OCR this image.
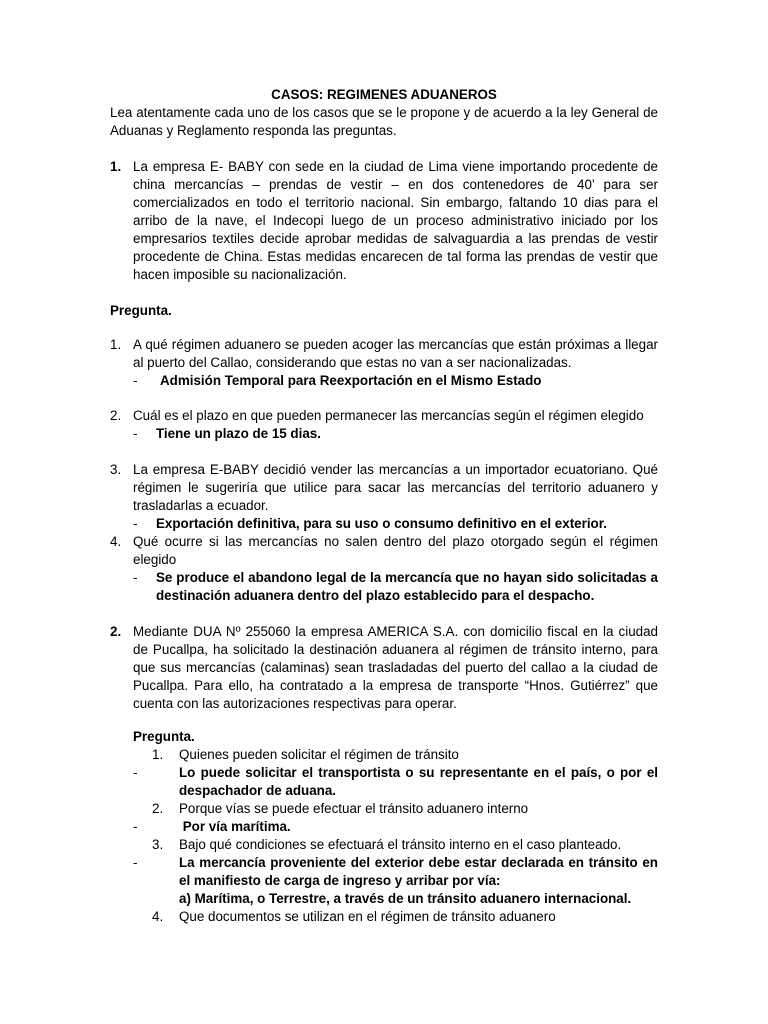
CASOS: REGIMENES ADUANEROS
Lea atentamente cada uno de los casos que se le propone y de acuerdo a la ley General de Aduanas y Reglamento responda las preguntas.
1. La empresa E- BABY con sede en la ciudad de Lima viene importando procedente de china mercancías – prendas de vestir – en dos contenedores de 40’ para ser comercializados en todo el territorio nacional. Sin embargo, faltando 10 dias para el arribo de la nave, el Indecopi luego de un proceso administrativo iniciado por los empresarios textiles decide aprobar medidas de salvaguardia a las prendas de vestir procedente de China. Estas medidas encarecen de tal forma las prendas de vestir que hacen imposible su nacionalización.
Pregunta.
1. A qué régimen aduanero se pueden acoger las mercancías que están próximas a llegar al puerto del Callao, considerando que estas no van a ser nacionalizadas.
- Admisión Temporal para Reexportación en el Mismo Estado
2. Cuál es el plazo en que pueden permanecer las mercancías según el régimen elegido
- Tiene un plazo de 15 dias.
3. La empresa E-BABY decidió vender las mercancías a un importador ecuatoriano. Qué régimen le sugeriría que utilice para sacar las mercancías del territorio aduanero y trasladarlas a ecuador.
- Exportación definitiva, para su uso o consumo definitivo en el exterior.
4. Qué ocurre si las mercancías no salen dentro del plazo otorgado según el régimen elegido
- Se produce el abandono legal de la mercancía que no hayan sido solicitadas a destinación aduanera dentro del plazo establecido para el despacho.
2. Mediante DUA Nº 255060 la empresa AMERICA S.A. con domicilio fiscal en la ciudad de Pucallpa, ha solicitado la destinación aduanera al régimen de tránsito interno, para que sus mercancías (calaminas) sean trasladadas del puerto del callao a la ciudad de Pucallpa. Para ello, ha contratado a la empresa de transporte “Hnos. Gutiérrez” que cuenta con las autorizaciones respectivas para operar.
Pregunta.
1. Quienes pueden solicitar el régimen de tránsito
-	Lo puede solicitar el transportista o su representante en el país, o por el despachador de aduana.
2. Porque vías se puede efectuar el tránsito aduanero interno
-	Por vía marítima.
3. Bajo qué condiciones se efectuará el tránsito interno en el caso planteado.
-	La mercancía proveniente del exterior debe estar declarada en tránsito en el manifiesto de carga de ingreso y arribar por vía:
a) Marítima, o Terrestre, a través de un tránsito aduanero internacional.
4. Que documentos se utilizan en el régimen de tránsito aduanero
